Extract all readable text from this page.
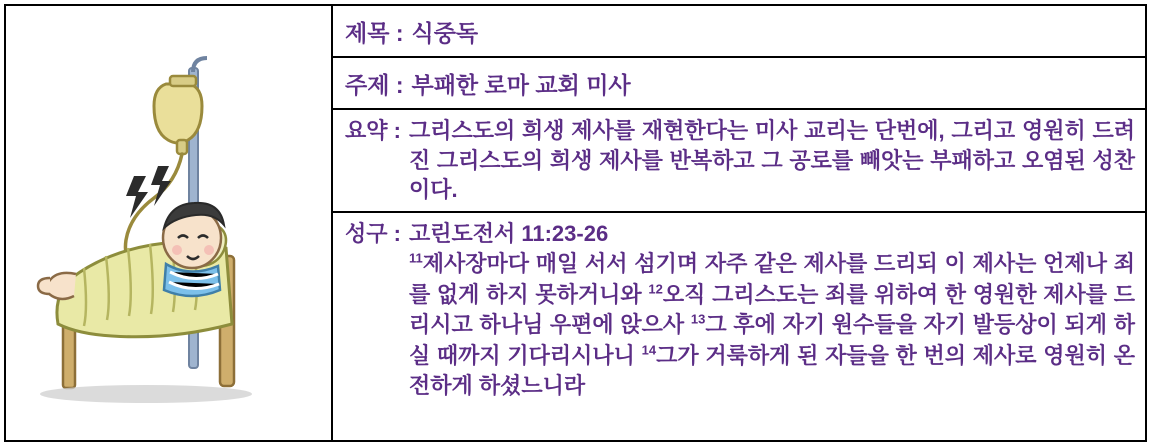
제목 : 식중독
주제 : 부패한 로마 교회 미사
요약 : 그리스도의 희생 제사를 재현한다는 미사 교리는 단번에, 그리고 영원히 드려진 그리스도의 희생 제사를 반복하고 그 공로를 빼앗는 부패하고 오염된 성찬이다.
성구 : 고린도전서 11:23-26
$^{11}$제사장마다 매일 서서 섬기며 자주 같은 제사를 드리되 이 제사는 언제나 죄를 없게 하지 못하거니와 $^{12}$오직 그리스도는 죄를 위하여 한 영원한 제사를 드리시고 하나님 우편에 앉으사 $^{13}$그 후에 자기 원수들을 자기 발등상이 되게 하실 때까지 기다리시나니 $^{14}$그가 거룩하게 된 자들을 한 번의 제사로 영원히 온전하게 하셨느니라
